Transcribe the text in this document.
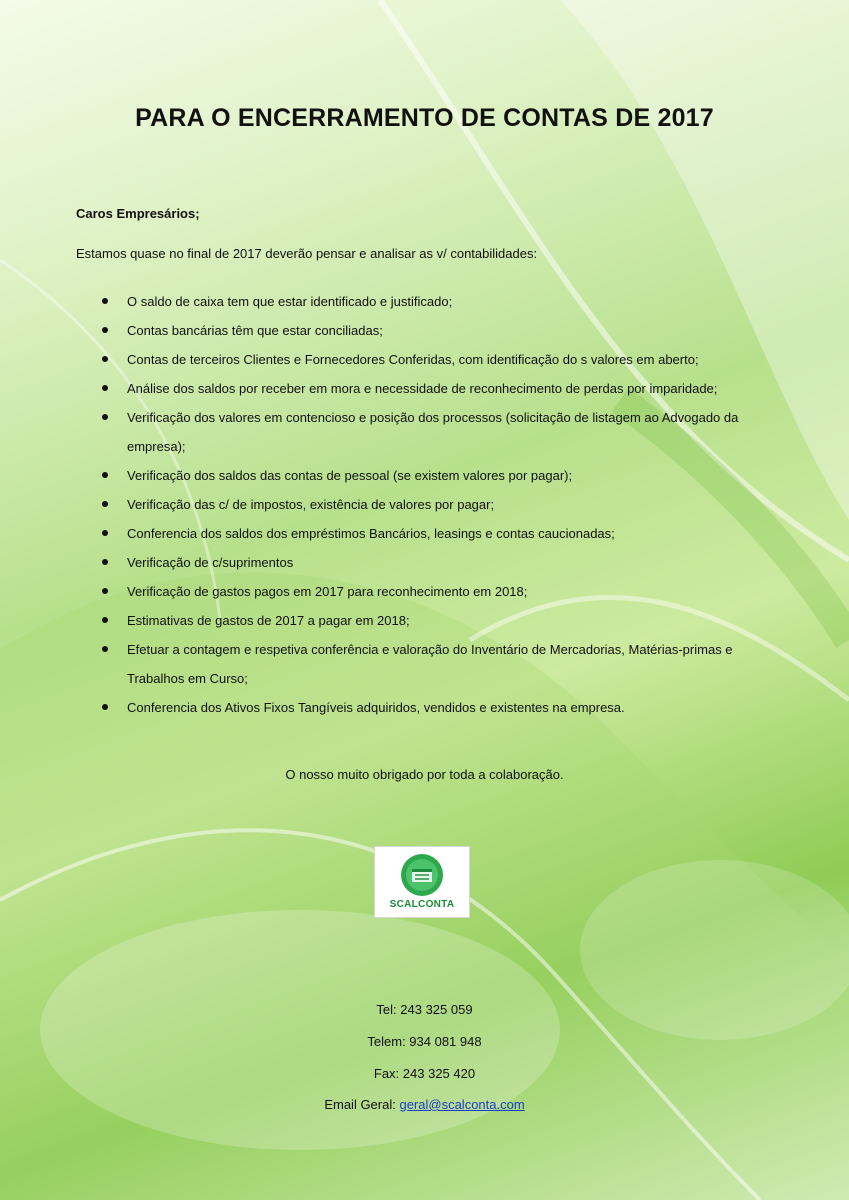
PARA O ENCERRAMENTO DE CONTAS DE 2017
Caros Empresários;
Estamos quase no final de 2017 deverão pensar e analisar as v/ contabilidades:
O saldo de caixa tem que estar identificado e justificado;
Contas bancárias têm que estar conciliadas;
Contas de terceiros Clientes e Fornecedores Conferidas, com identificação do s valores em aberto;
Análise dos saldos por receber em mora e necessidade de reconhecimento de perdas por imparidade;
Verificação dos valores em contencioso e posição dos processos (solicitação de listagem ao Advogado da empresa);
Verificação dos saldos das contas de pessoal (se existem valores por pagar);
Verificação das c/ de impostos, existência de valores por pagar;
Conferencia dos saldos dos empréstimos Bancários, leasings e contas caucionadas;
Verificação de c/suprimentos
Verificação de gastos pagos em 2017 para reconhecimento em 2018;
Estimativas de gastos de 2017 a pagar em 2018;
Efetuar a contagem e respetiva conferência e valoração do Inventário de Mercadorias, Matérias-primas e Trabalhos em Curso;
Conferencia dos Ativos Fixos Tangíveis adquiridos, vendidos e existentes na empresa.
O nosso muito obrigado por toda a colaboração.
SCALCONTA
Tel: 243 325 059
Telem: 934 081 948
Fax: 243 325 420
Email Geral: geral@scalconta.com
